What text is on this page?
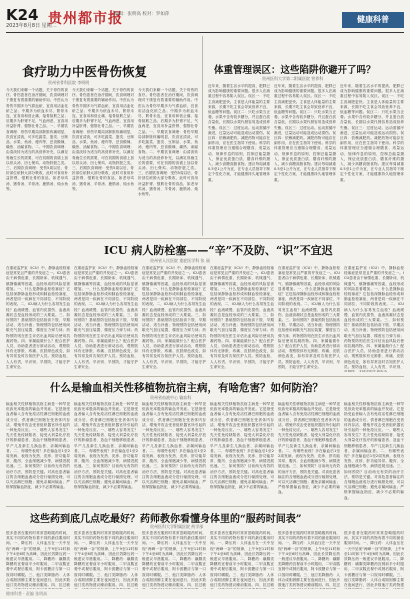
K24
2023年8月8日 星期二
贵州都市报
编辑：张明高 校对：罗如萍
健康科普
食疗助力中医骨伤恢复
贵州省骨科医院 李明明
今天我们来聊一个话题，关于骨伤的食疗。骨伤患者在治疗期间，饮食调理对于康复有着重要的辅助作用。中医认为骨伤早期多为气滞血瘀，宜食用活血化瘀之品；中期多为瘀血未尽，筋骨未连，宜食用和营止痛、接骨续筋之品；后期多为肝肾不足，气血两虚，宜食用补益肝肾、强筋壮骨之品。一、早期饮食调理：骨伤早期局部肿胀疼痛明显，饮食宜清淡，可多吃蔬菜、蛋类、豆制品、水果、鱼汤、瘦肉等，忌食酸辣、燥热、油腻食物。二、中期饮食调理：由清淡转为适当的高营养补充，以满足骨痂生长的需要，可在初期的食谱上加以骨头汤、田七煲鸡、动物肝脏之类。三、后期饮食调理：受伤5周以后，骨折部位瘀肿大部分吸收，此时可食用补益肝肾、强筋壮骨的食品，如老母鸡汤、猪骨汤、羊骨汤、鹿筋汤、炖水鱼等。
今天我们来聊一个话题，关于骨伤的食疗。骨伤患者在治疗期间，饮食调理对于康复有着重要的辅助作用。中医认为骨伤早期多为气滞血瘀，宜食用活血化瘀之品；中期多为瘀血未尽，筋骨未连，宜食用和营止痛、接骨续筋之品；后期多为肝肾不足，气血两虚，宜食用补益肝肾、强筋壮骨之品。一、早期饮食调理：骨伤早期局部肿胀疼痛明显，饮食宜清淡，可多吃蔬菜、蛋类、豆制品、水果、鱼汤、瘦肉等，忌食酸辣、燥热、油腻食物。二、中期饮食调理：由清淡转为适当的高营养补充，以满足骨痂生长的需要，可在初期的食谱上加以骨头汤、田七煲鸡、动物肝脏之类。三、后期饮食调理：受伤5周以后，骨折部位瘀肿大部分吸收，此时可食用补益肝肾、强筋壮骨的食品，如老母鸡汤、猪骨汤、羊骨汤、鹿筋汤、炖水鱼等。
今天我们来聊一个话题，关于骨伤的食疗。骨伤患者在治疗期间，饮食调理对于康复有着重要的辅助作用。中医认为骨伤早期多为气滞血瘀，宜食用活血化瘀之品；中期多为瘀血未尽，筋骨未连，宜食用和营止痛、接骨续筋之品；后期多为肝肾不足，气血两虚，宜食用补益肝肾、强筋壮骨之品。一、早期饮食调理：骨伤早期局部肿胀疼痛明显，饮食宜清淡，可多吃蔬菜、蛋类、豆制品、水果、鱼汤、瘦肉等，忌食酸辣、燥热、油腻食物。二、中期饮食调理：由清淡转为适当的高营养补充，以满足骨痂生长的需要，可在初期的食谱上加以骨头汤、田七煲鸡、动物肝脏之类。三、后期饮食调理：受伤5周以后，骨折部位瘀肿大部分吸收，此时可食用补益肝肾、强筋壮骨的食品，如老母鸡汤、猪骨汤、羊骨汤、鹿筋汤、炖水鱼等。
体重管理误区：这些陷阱你避开了吗？
贵州医科大学第二附属医院 营养科
近年来，随着生活水平的提高，肥胖已成为影响健康的重要问题。很多人在减重过程中容易陷入误区。误区一：不吃主食减肥更快。主食是人体能量的主要来源，长期不吃主食会导致营养不良、低血糖等问题。误区二：只吃水果当正餐。水果中含有较多糖分，并且蛋白质含量低，长期以水果代餐容易造成营养失衡。误区三：过度运动。运动需循序渐进，过量运动可能造成运动损伤。误区四：依赖减肥药。减肥药物可能存在副作用，应在医生指导下使用。科学的体重管理应当遵循合理膳食、适量运动、规律作息的原则，控制总能量摄入，保证优质蛋白质、膳食纤维的摄入，减少高糖高脂食物。建议每周减重0.5至1公斤为宜，在专业人员指导下制定个性化方案，才能健康持久地管理体重。
近年来，随着生活水平的提高，肥胖已成为影响健康的重要问题。很多人在减重过程中容易陷入误区。误区一：不吃主食减肥更快。主食是人体能量的主要来源，长期不吃主食会导致营养不良、低血糖等问题。误区二：只吃水果当正餐。水果中含有较多糖分，并且蛋白质含量低，长期以水果代餐容易造成营养失衡。误区三：过度运动。运动需循序渐进，过量运动可能造成运动损伤。误区四：依赖减肥药。减肥药物可能存在副作用，应在医生指导下使用。科学的体重管理应当遵循合理膳食、适量运动、规律作息的原则，控制总能量摄入，保证优质蛋白质、膳食纤维的摄入，减少高糖高脂食物。建议每周减重0.5至1公斤为宜，在专业人员指导下制定个性化方案，才能健康持久地管理体重。
近年来，随着生活水平的提高，肥胖已成为影响健康的重要问题。很多人在减重过程中容易陷入误区。误区一：不吃主食减肥更快。主食是人体能量的主要来源，长期不吃主食会导致营养不良、低血糖等问题。误区二：只吃水果当正餐。水果中含有较多糖分，并且蛋白质含量低，长期以水果代餐容易造成营养失衡。误区三：过度运动。运动需循序渐进，过量运动可能造成运动损伤。误区四：依赖减肥药。减肥药物可能存在副作用，应在医生指导下使用。科学的体重管理应当遵循合理膳食、适量运动、规律作息的原则，控制总能量摄入，保证优质蛋白质、膳食纤维的摄入，减少高糖高脂食物。建议每周减重0.5至1公斤为宜，在专业人员指导下制定个性化方案，才能健康持久地管理体重。
ICU 病人防栓塞——“辛”不及防、“识”不宜迟
贵州省人民医院 重症医学科 张 丽
在重症监护室（ICU）中，静脉血栓栓塞症是常见且严重的并发症之一。ICU患者由于病情危重、长期卧床、机械通气、镇静镇痛等因素，血栓形成的风险显著增加。一、什么是静脉血栓栓塞症？它包括深静脉血栓形成和肺血栓栓塞症，两者是同一疾病在不同部位、不同阶段的表现。二、ICU病人为什么容易发生血栓？血流缓慢、血管内皮损伤、血液高凝状态是血栓形成的三大要素。三、如何预防？基础预防包括抬高下肢、早期活动、适当补液；物理预防包括使用间歇充气加压装置、梯度压力弹力袜；药物预防则在医生评估出血风险后使用抗凝药物。四、家属能做什么？配合医护人员，协助患者进行被动活动，观察肢体有无肿胀、疼痛、皮肤颜色改变，如有异常及时告知医护人员。预防血栓，人人有责，早识别、早预防，才能守护生命安全。
在重症监护室（ICU）中，静脉血栓栓塞症是常见且严重的并发症之一。ICU患者由于病情危重、长期卧床、机械通气、镇静镇痛等因素，血栓形成的风险显著增加。一、什么是静脉血栓栓塞症？它包括深静脉血栓形成和肺血栓栓塞症，两者是同一疾病在不同部位、不同阶段的表现。二、ICU病人为什么容易发生血栓？血流缓慢、血管内皮损伤、血液高凝状态是血栓形成的三大要素。三、如何预防？基础预防包括抬高下肢、早期活动、适当补液；物理预防包括使用间歇充气加压装置、梯度压力弹力袜；药物预防则在医生评估出血风险后使用抗凝药物。四、家属能做什么？配合医护人员，协助患者进行被动活动，观察肢体有无肿胀、疼痛、皮肤颜色改变，如有异常及时告知医护人员。预防血栓，人人有责，早识别、早预防，才能守护生命安全。
在重症监护室（ICU）中，静脉血栓栓塞症是常见且严重的并发症之一。ICU患者由于病情危重、长期卧床、机械通气、镇静镇痛等因素，血栓形成的风险显著增加。一、什么是静脉血栓栓塞症？它包括深静脉血栓形成和肺血栓栓塞症，两者是同一疾病在不同部位、不同阶段的表现。二、ICU病人为什么容易发生血栓？血流缓慢、血管内皮损伤、血液高凝状态是血栓形成的三大要素。三、如何预防？基础预防包括抬高下肢、早期活动、适当补液；物理预防包括使用间歇充气加压装置、梯度压力弹力袜；药物预防则在医生评估出血风险后使用抗凝药物。四、家属能做什么？配合医护人员，协助患者进行被动活动，观察肢体有无肿胀、疼痛、皮肤颜色改变，如有异常及时告知医护人员。预防血栓，人人有责，早识别、早预防，才能守护生命安全。
在重症监护室（ICU）中，静脉血栓栓塞症是常见且严重的并发症之一。ICU患者由于病情危重、长期卧床、机械通气、镇静镇痛等因素，血栓形成的风险显著增加。一、什么是静脉血栓栓塞症？它包括深静脉血栓形成和肺血栓栓塞症，两者是同一疾病在不同部位、不同阶段的表现。二、ICU病人为什么容易发生血栓？血流缓慢、血管内皮损伤、血液高凝状态是血栓形成的三大要素。三、如何预防？基础预防包括抬高下肢、早期活动、适当补液；物理预防包括使用间歇充气加压装置、梯度压力弹力袜；药物预防则在医生评估出血风险后使用抗凝药物。四、家属能做什么？配合医护人员，协助患者进行被动活动，观察肢体有无肿胀、疼痛、皮肤颜色改变，如有异常及时告知医护人员。预防血栓，人人有责，早识别、早预防，才能守护生命安全。
在重症监护室（ICU）中，静脉血栓栓塞症是常见且严重的并发症之一。ICU患者由于病情危重、长期卧床、机械通气、镇静镇痛等因素，血栓形成的风险显著增加。一、什么是静脉血栓栓塞症？它包括深静脉血栓形成和肺血栓栓塞症，两者是同一疾病在不同部位、不同阶段的表现。二、ICU病人为什么容易发生血栓？血流缓慢、血管内皮损伤、血液高凝状态是血栓形成的三大要素。三、如何预防？基础预防包括抬高下肢、早期活动、适当补液；物理预防包括使用间歇充气加压装置、梯度压力弹力袜；药物预防则在医生评估出血风险后使用抗凝药物。四、家属能做什么？配合医护人员，协助患者进行被动活动，观察肢体有无肿胀、疼痛、皮肤颜色改变，如有异常及时告知医护人员。预防血栓，人人有责，早识别、早预防，才能守护生命安全。
在重症监护室（ICU）中，静脉血栓栓塞症是常见且严重的并发症之一。ICU患者由于病情危重、长期卧床、机械通气、镇静镇痛等因素，血栓形成的风险显著增加。一、什么是静脉血栓栓塞症？它包括深静脉血栓形成和肺血栓栓塞症，两者是同一疾病在不同部位、不同阶段的表现。二、ICU病人为什么容易发生血栓？血流缓慢、血管内皮损伤、血液高凝状态是血栓形成的三大要素。三、如何预防？基础预防包括抬高下肢、早期活动、适当补液；物理预防包括使用间歇充气加压装置、梯度压力弹力袜；药物预防则在医生评估出血风险后使用抗凝药物。四、家属能做什么？配合医护人员，协助患者进行被动活动，观察肢体有无肿胀、疼痛、皮肤颜色改变，如有异常及时告知医护人员。预防血栓，人人有责，早识别、
什么是输血相关性移植物抗宿主病，有啥危害？如何防治？
贵州省血液中心 输血科
输血相关性移植物抗宿主病是一种罕见但致死率极高的输血并发症。它是指受血者输入含有免疫活性淋巴细胞的血液成分后，供者淋巴细胞在受者体内存活、增殖并攻击受者组织器官所引起的一种免疫反应。一、哪些人容易发生？先天性免疫缺陷者、接受大剂量化疗放疗的肿瘤患者、造血干细胞移植患者、早产儿及新生儿换血者、亲属间输血者。二、有哪些表现？多在输血后1至2周发病，表现为发热、皮疹、肝功能异常、腹泻、全血细胞减少等，病情进展迅速。三、如何预防？目前尚无有效的治疗方法，预防是关键。对高危患者输注的含细胞血液成分进行辐照处理，可以灭活淋巴细胞；避免亲属间输血；严格掌握输血指征，减少不必要的输血。
输血相关性移植物抗宿主病是一种罕见但致死率极高的输血并发症。它是指受血者输入含有免疫活性淋巴细胞的血液成分后，供者淋巴细胞在受者体内存活、增殖并攻击受者组织器官所引起的一种免疫反应。一、哪些人容易发生？先天性免疫缺陷者、接受大剂量化疗放疗的肿瘤患者、造血干细胞移植患者、早产儿及新生儿换血者、亲属间输血者。二、有哪些表现？多在输血后1至2周发病，表现为发热、皮疹、肝功能异常、腹泻、全血细胞减少等，病情进展迅速。三、如何预防？目前尚无有效的治疗方法，预防是关键。对高危患者输注的含细胞血液成分进行辐照处理，可以灭活淋巴细胞；避免亲属间输血；严格掌握输血指征，减少不必要的输血。
输血相关性移植物抗宿主病是一种罕见但致死率极高的输血并发症。它是指受血者输入含有免疫活性淋巴细胞的血液成分后，供者淋巴细胞在受者体内存活、增殖并攻击受者组织器官所引起的一种免疫反应。一、哪些人容易发生？先天性免疫缺陷者、接受大剂量化疗放疗的肿瘤患者、造血干细胞移植患者、早产儿及新生儿换血者、亲属间输血者。二、有哪些表现？多在输血后1至2周发病，表现为发热、皮疹、肝功能异常、腹泻、全血细胞减少等，病情进展迅速。三、如何预防？目前尚无有效的治疗方法，预防是关键。对高危患者输注的含细胞血液成分进行辐照处理，可以灭活淋巴细胞；避免亲属间输血；严格掌握输血指征，减少不必要的输血。
输血相关性移植物抗宿主病是一种罕见但致死率极高的输血并发症。它是指受血者输入含有免疫活性淋巴细胞的血液成分后，供者淋巴细胞在受者体内存活、增殖并攻击受者组织器官所引起的一种免疫反应。一、哪些人容易发生？先天性免疫缺陷者、接受大剂量化疗放疗的肿瘤患者、造血干细胞移植患者、早产儿及新生儿换血者、亲属间输血者。二、有哪些表现？多在输血后1至2周发病，表现为发热、皮疹、肝功能异常、腹泻、全血细胞减少等，病情进展迅速。三、如何预防？目前尚无有效的治疗方法，预防是关键。对高危患者输注的含细胞血液成分进行辐照处理，可以灭活淋巴细胞；避免亲属间输血；严格掌握输血指征，减少不必要的输血。
输血相关性移植物抗宿主病是一种罕见但致死率极高的输血并发症。它是指受血者输入含有免疫活性淋巴细胞的血液成分后，供者淋巴细胞在受者体内存活、增殖并攻击受者组织器官所引起的一种免疫反应。一、哪些人容易发生？先天性免疫缺陷者、接受大剂量化疗放疗的肿瘤患者、造血干细胞移植患者、早产儿及新生儿换血者、亲属间输血者。二、有哪些表现？多在输血后1至2周发病，表现为发热、皮疹、肝功能异常、腹泻、全血细胞减少等，病情进展迅速。三、如何预防？目前尚无有效的治疗方法，预防是关键。对高危患者输注的含细胞血液成分进行辐照处理，可以灭活淋巴细胞；避免亲属间输血；严格掌握输血指征，减少不必要的输血。
输血相关性移植物抗宿主病是一种罕见但致死率极高的输血并发症。它是指受血者输入含有免疫活性淋巴细胞的血液成分后，供者淋巴细胞在受者体内存活、增殖并攻击受者组织器官所引起的一种免疫反应。一、哪些人容易发生？先天性免疫缺陷者、接受大剂量化疗放疗的肿瘤患者、造血干细胞移植患者、早产儿及新生儿换血者、亲属间输血者。二、有哪些表现？多在输血后1至2周发病，表现为发热、皮疹、肝功能异常、腹泻、全血细胞减少等，病情进展迅速。三、如何预防？目前尚无有效的治疗方法，预防是关键。对高危患者输注的含细胞血液成分进行辐照处理，可以灭活淋巴细胞；避免亲属间输血；严格掌握输血指征，减少不必要的输血。
这些药到底几点吃最好？药师教你看懂身体里的“服药时间表”
贵州医科大学附属医院 药学部
很多患者在服药时常常忽略服药时间，其实不同的药物有着不同的最佳服用时间。一、降压药：人体血压在一天中呈现“两峰一谷”的规律，上午9至11时和下午4至6时为高峰，因此长效降压药一般建议早晨服用。二、降糖药：磺脲类降糖药宜餐前半小时服用，二甲双胍宜餐中或餐后服用，阿卡波糖应与第一口饭同时嚼服。三、他汀类降脂药：人体合成胆固醇主要在夜间进行，因此多数他汀类药物建议睡前服用。四、抗过敏
很多患者在服药时常常忽略服药时间，其实不同的药物有着不同的最佳服用时间。一、降压药：人体血压在一天中呈现“两峰一谷”的规律，上午9至11时和下午4至6时为高峰，因此长效降压药一般建议早晨服用。二、降糖药：磺脲类降糖药宜餐前半小时服用，二甲双胍宜餐中或餐后服用，阿卡波糖应与第一口饭同时嚼服。三、他汀类降脂药：人体合成胆固醇主要在夜间进行，因此多数他汀类药物建议睡前服用。四、抗过敏
很多患者在服药时常常忽略服药时间，其实不同的药物有着不同的最佳服用时间。一、降压药：人体血压在一天中呈现“两峰一谷”的规律，上午9至11时和下午4至6时为高峰，因此长效降压药一般建议早晨服用。二、降糖药：磺脲类降糖药宜餐前半小时服用，二甲双胍宜餐中或餐后服用，阿卡波糖应与第一口饭同时嚼服。三、他汀类降脂药：人体合成胆固醇主要在夜间进行，因此多数他汀类药物建议睡前服用。四、抗过敏
很多患者在服药时常常忽略服药时间，其实不同的药物有着不同的最佳服用时间。一、降压药：人体血压在一天中呈现“两峰一谷”的规律，上午9至11时和下午4至6时为高峰，因此长效降压药一般建议早晨服用。二、降糖药：磺脲类降糖药宜餐前半小时服用，二甲双胍宜餐中或餐后服用，阿卡波糖应与第一口饭同时嚼服。三、他汀类降脂药：人体合成胆固醇主要在夜间进行，因此多数他汀类药物建议睡前服用。四、抗过敏
很多患者在服药时常常忽略服药时间，其实不同的药物有着不同的最佳服用时间。一、降压药：人体血压在一天中呈现“两峰一谷”的规律，上午9至11时和下午4至6时为高峰，因此长效降压药一般建议早晨服用。二、降糖药：磺脲类降糖药宜餐前半小时服用，二甲双胍宜餐中或餐后服用，阿卡波糖应与第一口饭同时嚼服。三、他汀类降脂药：人体合成胆固醇主要在夜间进行，因此多数他汀类药物建议睡前服用。四、抗过
很多患者在服药时常常忽略服药时间，其实不同的药物有着不同的最佳服用时间。一、降压药：人体血压在一天中呈现“两峰一谷”的规律，上午9至11时和下午4至6时为高峰，因此长效降压药一般建议早晨服用。二、降糖药：磺脲类降糖药宜餐前半小时服用，二甲双胍宜餐中或餐后服用，阿卡波糖应与第一口饭同时嚼服。三、他汀类降脂药：人体合成胆固醇主要在夜间进行，因此多数他汀类药物建
健康科普 · 责编 张明高
